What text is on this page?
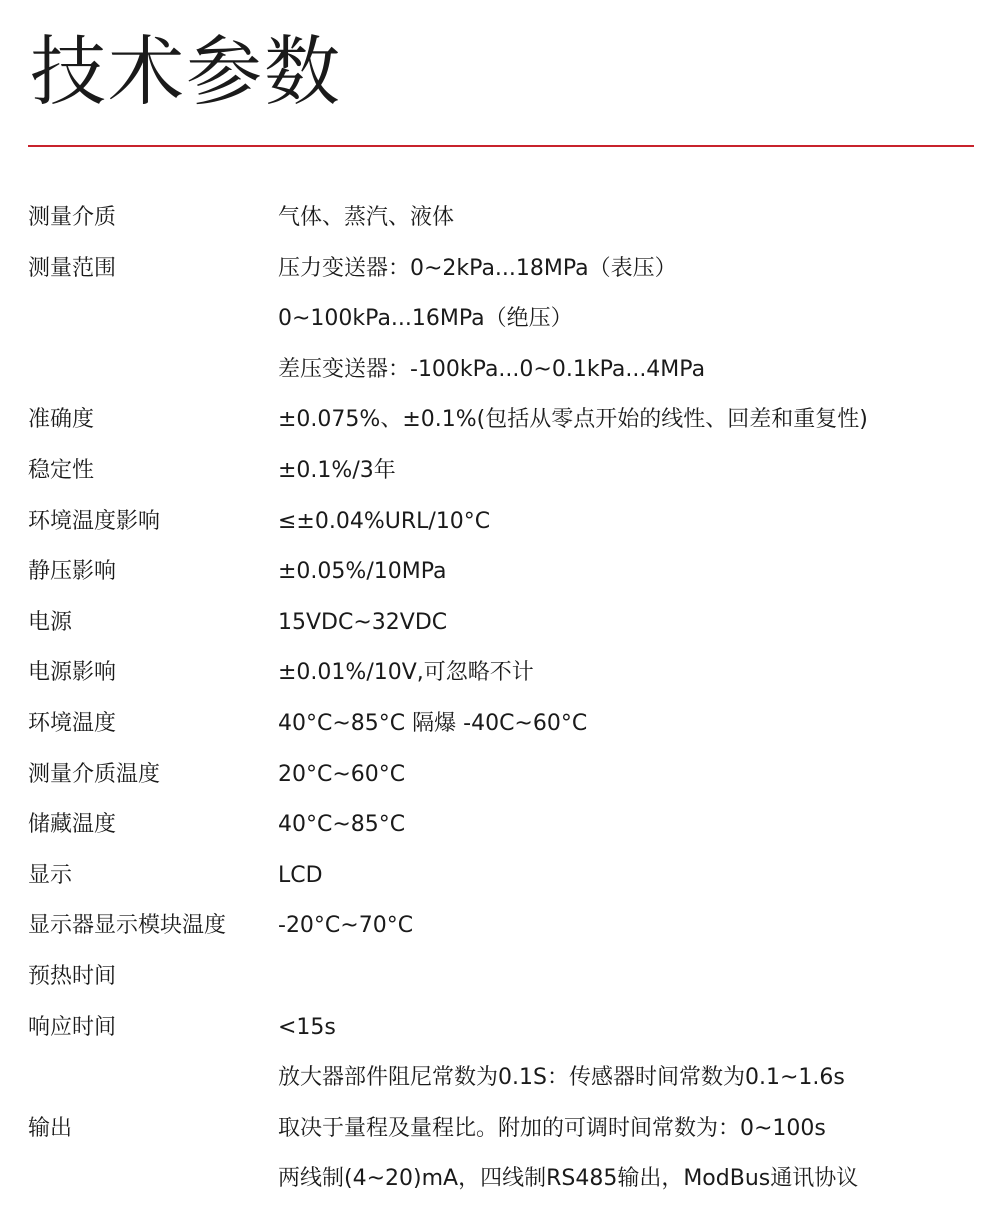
技术参数
测量介质	气体、蒸汽、液体
测量范围	压力变送器：0~2kPa...18MPa（表压）
0~100kPa...16MPa（绝压）
差压变送器：-100kPa...0~0.1kPa...4MPa
准确度	±0.075%、±0.1%(包括从零点开始的线性、回差和重复性)
稳定性	±0.1%/3年
环境温度影响	≤±0.04%URL/10°C
静压影响	±0.05%/10MPa
电源	15VDC~32VDC
电源影响	±0.01%/10V,可忽略不计
环境温度	40°C~85°C 隔爆 -40C~60°C
测量介质温度	20°C~60°C
储藏温度	40°C~85°C
显示	LCD
显示器显示模块温度	-20°C~70°C
预热时间

响应时间	<15s
放大器部件阻尼常数为0.1S：传感器时间常数为0.1~1.6s
输出	取决于量程及量程比。附加的可调时间常数为：0~100s
两线制(4~20)mA，四线制RS485输出，ModBus通讯协议
